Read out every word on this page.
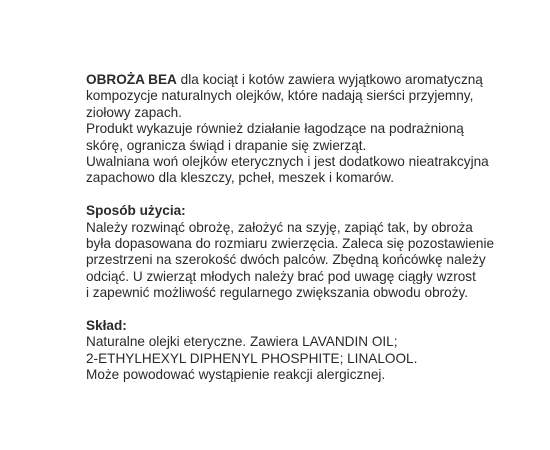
OBROŻA BEA dla kociąt i kotów zawiera wyjątkowo aromatyczną
kompozycje naturalnych olejków, które nadają sierści przyjemny,
ziołowy zapach.
Produkt wykazuje również działanie łagodzące na podrażnioną
skórę, ogranicza świąd i drapanie się zwierząt.
Uwalniana woń olejków eterycznych i jest dodatkowo nieatrakcyjna
zapachowo dla kleszczy, pcheł, meszek i komarów.
Sposób użycia:
Należy rozwinąć obrożę, założyć na szyję, zapiąć tak, by obroża
była dopasowana do rozmiaru zwierzęcia. Zaleca się pozostawienie
przestrzeni na szerokość dwóch palców. Zbędną końcówkę należy
odciąć. U zwierząt młodych należy brać pod uwagę ciągły wzrost
i zapewnić możliwość regularnego zwiększania obwodu obroży.
Skład:
Naturalne olejki eteryczne. Zawiera LAVANDIN OIL;
2-ETHYLHEXYL DIPHENYL PHOSPHITE; LINALOOL.
Może powodować wystąpienie reakcji alergicznej.
